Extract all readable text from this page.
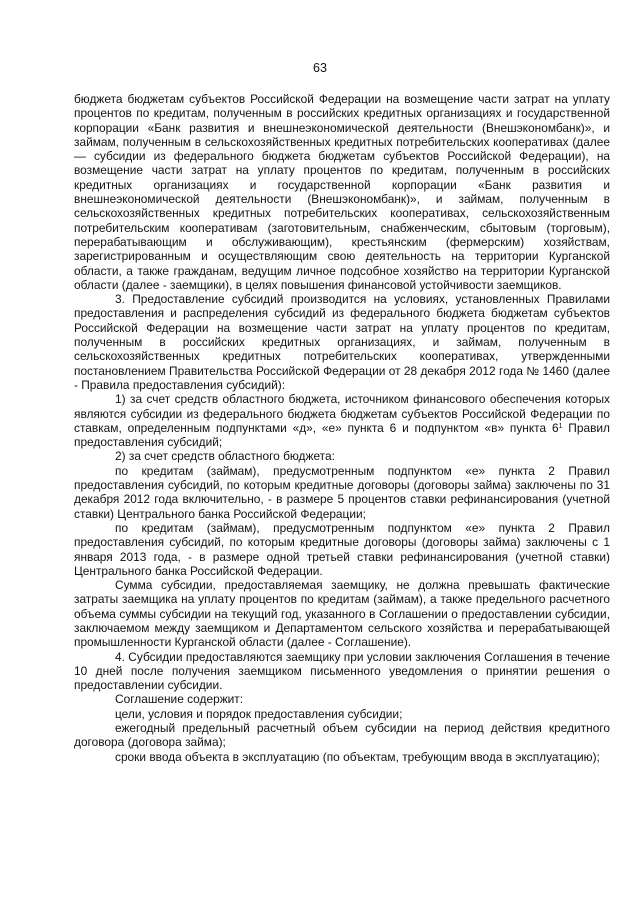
63

бюджета бюджетам субъектов Российской Федерации на возмещение части затрат на уплату процентов по кредитам, полученным в российских кредитных организациях и государственной корпорации «Банк развития и внешнеэкономической деятельности (Внешэкономбанк)», и займам, полученным в сельскохозяйственных кредитных потребительских кооперативах (далее — субсидии из федерального бюджета бюджетам субъектов Российской Федерации), на возмещение части затрат на уплату процентов по кредитам, полученным в российских кредитных организациях и государственной корпорации «Банк развития и внешнеэкономической деятельности (Внешэкономбанк)», и займам, полученным в сельскохозяйственных кредитных потребительских кооперативах, сельскохозяйственным потребительским кооперативам (заготовительным, снабженческим, сбытовым (торговым), перерабатывающим и обслуживающим), крестьянским (фермерским) хозяйствам, зарегистрированным и осуществляющим свою деятельность на территории Курганской области, а также гражданам, ведущим личное подсобное хозяйство на территории Курганской области (далее - заемщики), в целях повышения финансовой устойчивости заемщиков.

3. Предоставление субсидий производится на условиях, установленных Правилами предоставления и распределения субсидий из федерального бюджета бюджетам субъектов Российской Федерации на возмещение части затрат на уплату процентов по кредитам, полученным в российских кредитных организациях, и займам, полученным в сельскохозяйственных кредитных потребительских кооперативах, утвержденными постановлением Правительства Российской Федерации от 28 декабря 2012 года № 1460 (далее - Правила предоставления субсидий):

1) за счет средств областного бюджета, источником финансового обеспечения которых являются субсидии из федерального бюджета бюджетам субъектов Российской Федерации по ставкам, определенным подпунктами «д», «е» пункта 6 и подпунктом «в» пункта 6$^1$ Правил предоставления субсидий;

2) за счет средств областного бюджета:

по кредитам (займам), предусмотренным подпунктом «е» пункта 2 Правил предоставления субсидий, по которым кредитные договоры (договоры займа) заключены по 31 декабря 2012 года включительно, - в размере 5 процентов ставки рефинансирования (учетной ставки) Центрального банка Российской Федерации;

по кредитам (займам), предусмотренным подпунктом «е» пункта 2 Правил предоставления субсидий, по которым кредитные договоры (договоры займа) заключены с 1 января 2013 года, - в размере одной третьей ставки рефинансирования (учетной ставки) Центрального банка Российской Федерации.

Сумма субсидии, предоставляемая заемщику, не должна превышать фактические затраты заемщика на уплату процентов по кредитам (займам), а также предельного расчетного объема суммы субсидии на текущий год, указанного в Соглашении о предоставлении субсидии, заключаемом между заемщиком и Департаментом сельского хозяйства и перерабатывающей промышленности Курганской области (далее - Соглашение).

4. Субсидии предоставляются заемщику при условии заключения Соглашения в течение 10 дней после получения заемщиком письменного уведомления о принятии решения о предоставлении субсидии.

Соглашение содержит:

цели, условия и порядок предоставления субсидии;

ежегодный предельный расчетный объем субсидии на период действия кредитного договора (договора займа);

сроки ввода объекта в эксплуатацию (по объектам, требующим ввода в эксплуатацию);
